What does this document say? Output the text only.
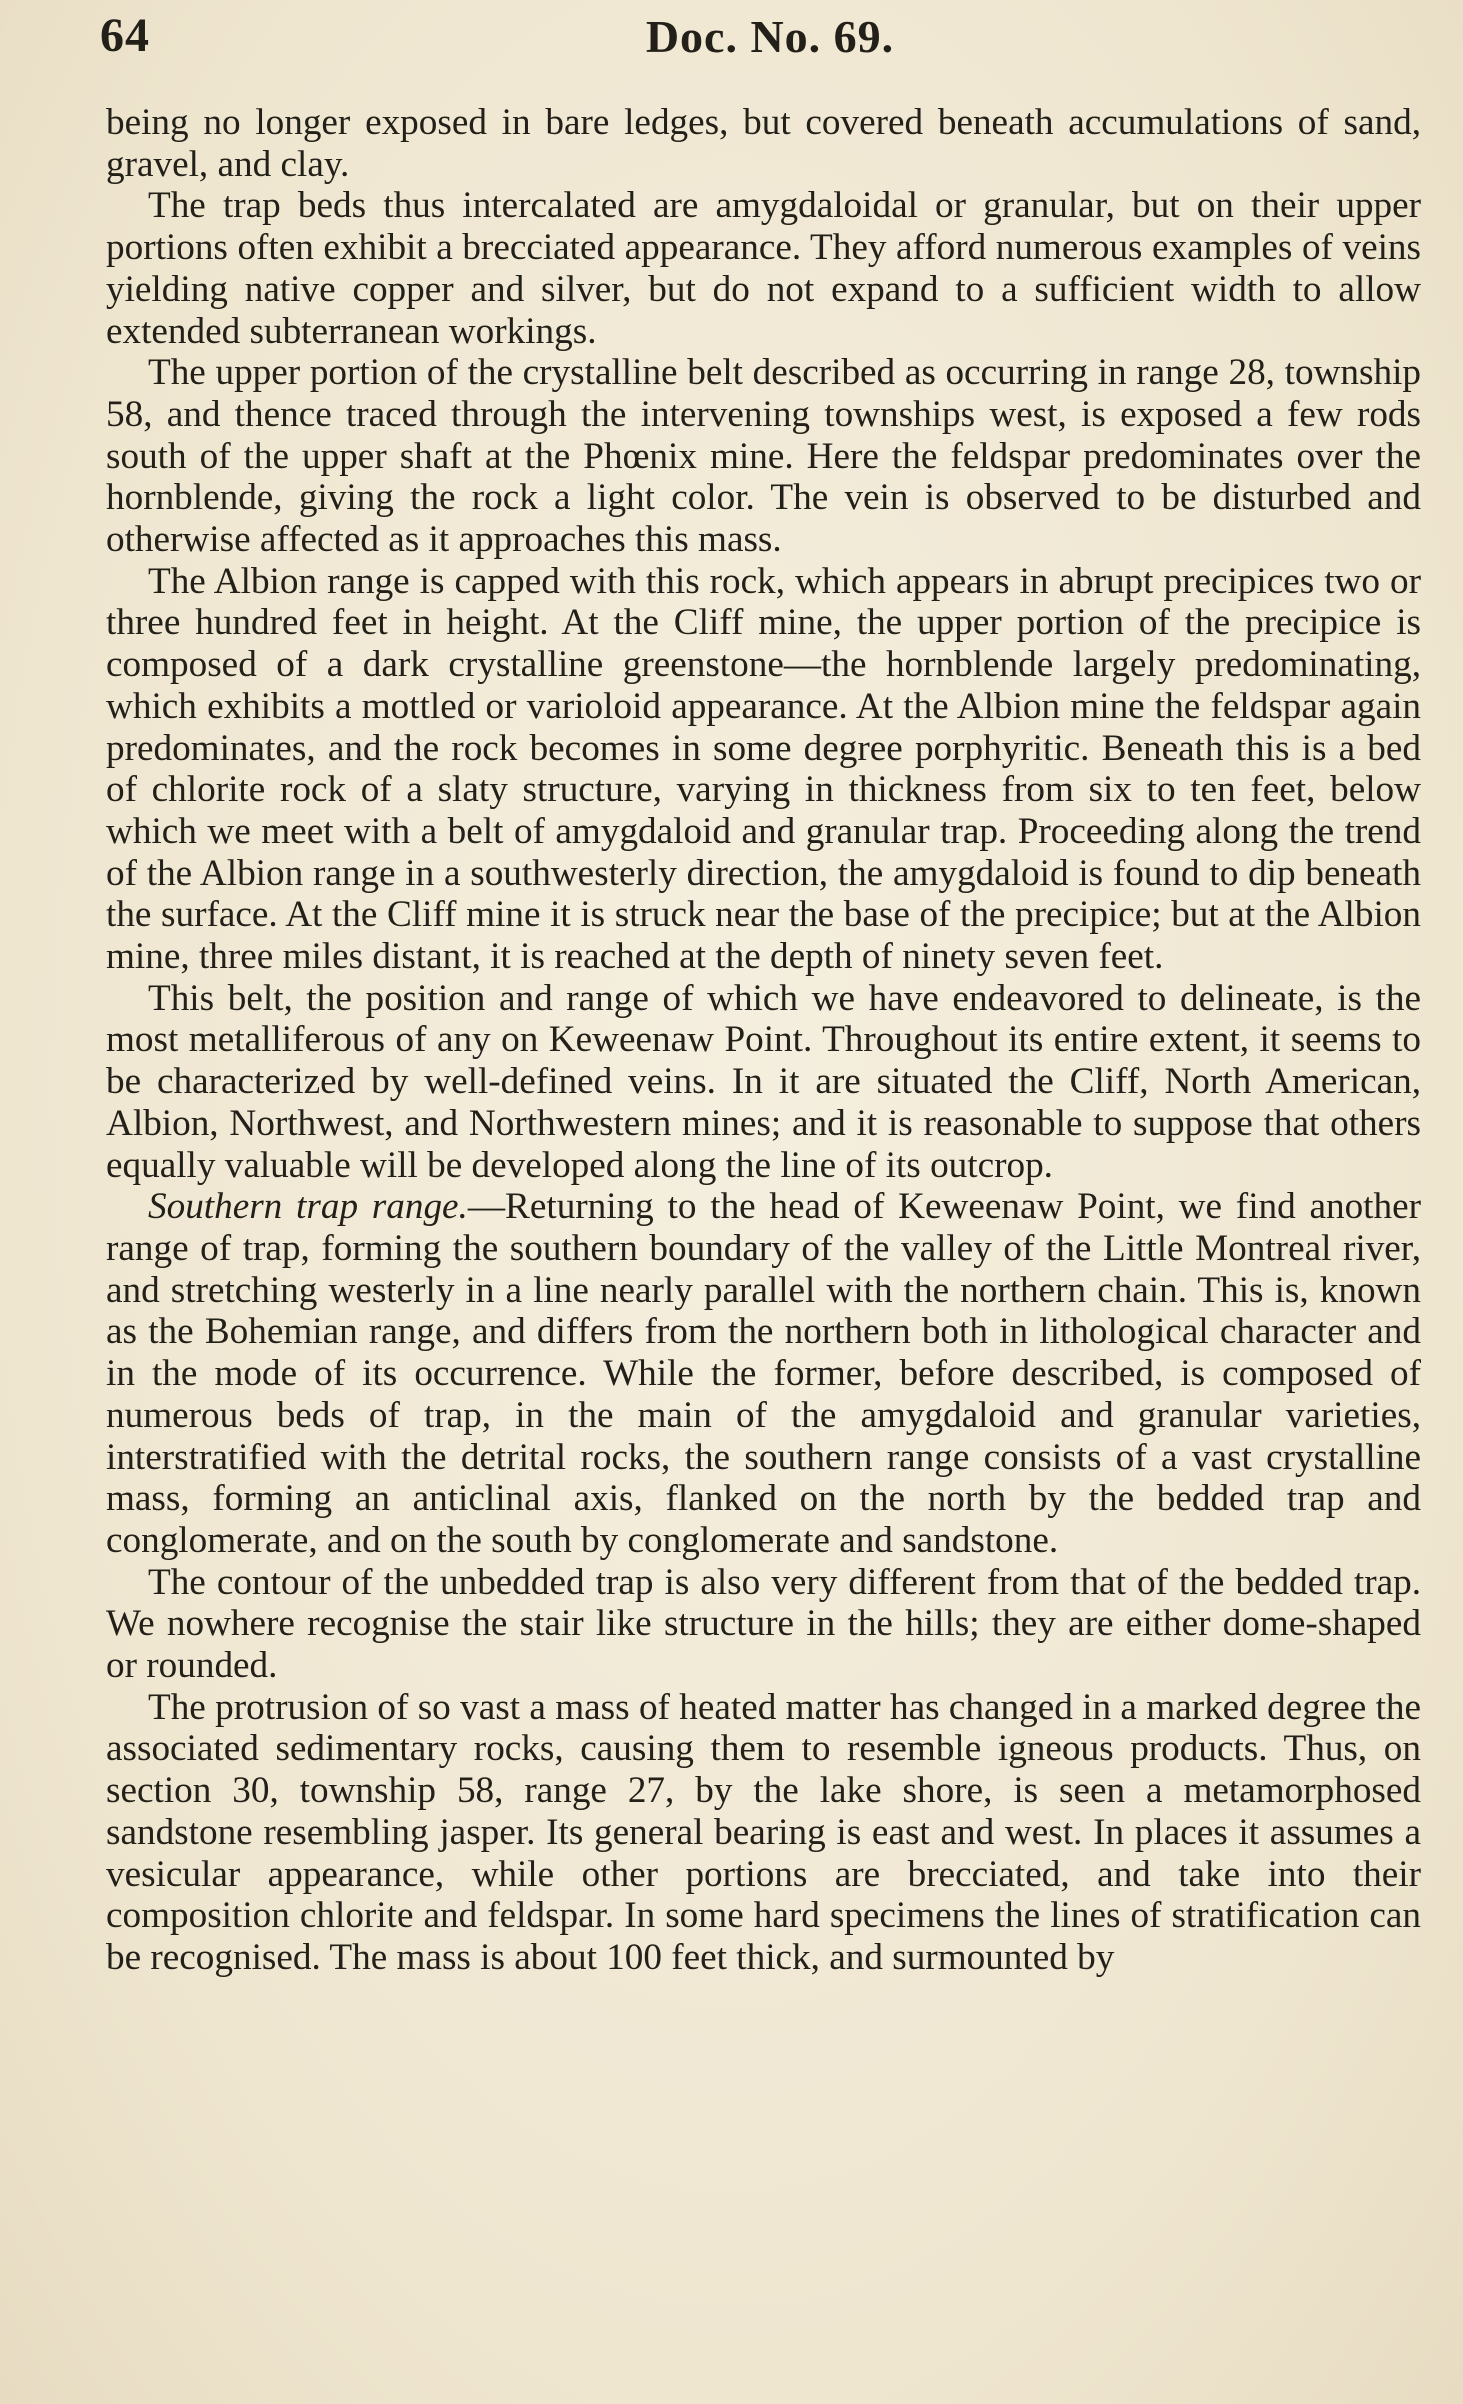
64	Doc. No. 69.

being no longer exposed in bare ledges, but covered beneath accumulations of sand, gravel, and clay.

The trap beds thus intercalated are amygdaloidal or granular, but on their upper portions often exhibit a brecciated appearance. They afford numerous examples of veins yielding native copper and silver, but do not expand to a sufficient width to allow extended subterranean workings.

The upper portion of the crystalline belt described as occurring in range 28, township 58, and thence traced through the intervening townships west, is exposed a few rods south of the upper shaft at the Phœnix mine. Here the feldspar predominates over the hornblende, giving the rock a light color. The vein is observed to be disturbed and otherwise affected as it approaches this mass.

The Albion range is capped with this rock, which appears in abrupt precipices two or three hundred feet in height. At the Cliff mine, the upper portion of the precipice is composed of a dark crystalline greenstone—the hornblende largely predominating, which exhibits a mottled or varioloid appearance. At the Albion mine the feldspar again predominates, and the rock becomes in some degree porphyritic. Beneath this is a bed of chlorite rock of a slaty structure, varying in thickness from six to ten feet, below which we meet with a belt of amygdaloid and granular trap. Proceeding along the trend of the Albion range in a southwesterly direction, the amygdaloid is found to dip beneath the surface. At the Cliff mine it is struck near the base of the precipice; but at the Albion mine, three miles distant, it is reached at the depth of ninety seven feet.

This belt, the position and range of which we have endeavored to delineate, is the most metalliferous of any on Keweenaw Point. Throughout its entire extent, it seems to be characterized by well-defined veins. In it are situated the Cliff, North American, Albion, Northwest, and Northwestern mines; and it is reasonable to suppose that others equally valuable will be developed along the line of its outcrop.

Southern trap range.—Returning to the head of Keweenaw Point, we find another range of trap, forming the southern boundary of the valley of the Little Montreal river, and stretching westerly in a line nearly parallel with the northern chain. This is, known as the Bohemian range, and differs from the northern both in lithological character and in the mode of its occurrence. While the former, before described, is composed of numerous beds of trap, in the main of the amygdaloid and granular varieties, interstratified with the detrital rocks, the southern range consists of a vast crystalline mass, forming an anticlinal axis, flanked on the north by the bedded trap and conglomerate, and on the south by conglomerate and sandstone.

The contour of the unbedded trap is also very different from that of the bedded trap. We nowhere recognise the stair like structure in the hills; they are either dome-shaped or rounded.

The protrusion of so vast a mass of heated matter has changed in a marked degree the associated sedimentary rocks, causing them to resemble igneous products. Thus, on section 30, township 58, range 27, by the lake shore, is seen a metamorphosed sandstone resembling jasper. Its general bearing is east and west. In places it assumes a vesicular appearance, while other portions are brecciated, and take into their composition chlorite and feldspar. In some hard specimens the lines of stratification can be recognised. The mass is about 100 feet thick, and surmounted by
